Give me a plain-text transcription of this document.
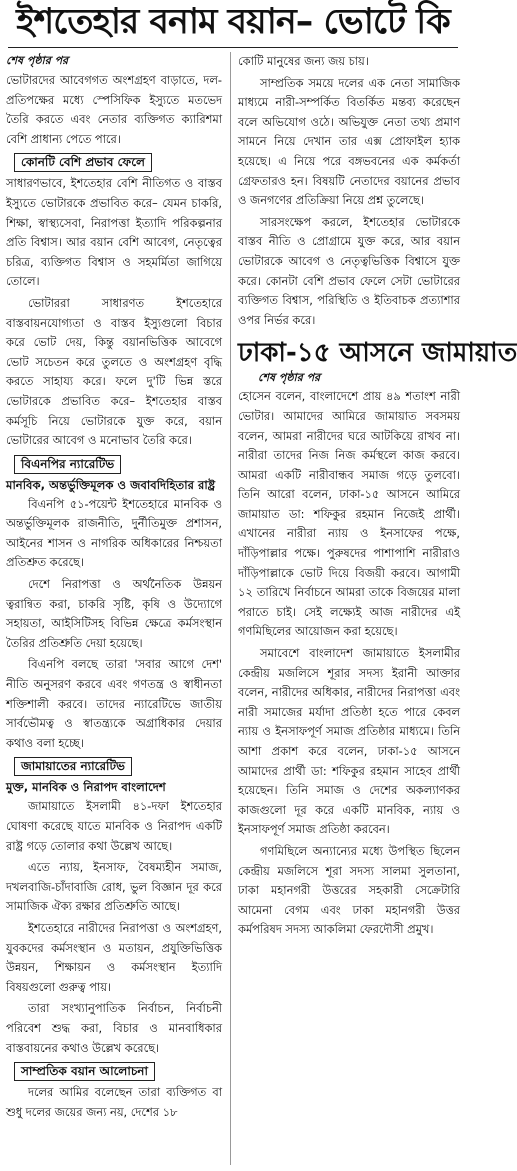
ইশতেহার বনাম বয়ান– ভোটে কি

শেষ পৃষ্ঠার পর

ভোটারদের আবেগগত অংশগ্রহণ বাড়াতে, দল-প্রতিপক্ষের মধ্যে স্পেসিফিক ইস্যুতে মতভেদ তৈরি করতে এবং নেতার ব্যক্তিগত ক্যারিশমা বেশি প্রাধান্য পেতে পারে।

কোনটি বেশি প্রভাব ফেলে

সাধারণভাবে, ইশতেহার বেশি নীতিগত ও বাস্তব ইস্যুতে ভোটারকে প্রভাবিত করে– যেমন চাকরি, শিক্ষা, স্বাস্থ্যসেবা, নিরাপত্তা ইত্যাদি পরিকল্পনার প্রতি বিশ্বাস। আর বয়ান বেশি আবেগ, নেতৃত্বের চরিত্র, ব্যক্তিগত বিশ্বাস ও সহমর্মিতা জাগিয়ে তোলে।

ভোটাররা সাধারণত ইশতেহারে বাস্তবায়নযোগ্যতা ও বাস্তব ইস্যুগুলো বিচার করে ভোট দেয়, কিন্তু বয়ানভিত্তিক আবেগে ভোট সচেতন করে তুলতে ও অংশগ্রহণ বৃদ্ধি করতে সাহায্য করে। ফলে দু'টি ভিন্ন স্তরে ভোটারকে প্রভাবিত করে– ইশতেহার বাস্তব কর্মসূচি নিয়ে ভোটারকে যুক্ত করে, বয়ান ভোটারের আবেগ ও মনোভাব তৈরি করে।

বিএনপির ন্যারেটিভ

মানবিক, অন্তর্ভুক্তিমূলক ও জবাবদিহিতার রাষ্ট্র

বিএনপি ৫১-পয়েন্ট ইশতেহারে মানবিক ও অন্তর্ভুক্তিমূলক রাজনীতি, দুর্নীতিমুক্ত প্রশাসন, আইনের শাসন ও নাগরিক অধিকারের নিশ্চয়তা প্রতিশ্রুত করেছে।

দেশে নিরাপত্তা ও অর্থনৈতিক উন্নয়ন ত্বরান্বিত করা, চাকরি সৃষ্টি, কৃষি ও উদ্যোগে সহায়তা, আইসিটিসহ বিভিন্ন ক্ষেত্রে কর্মসংস্থান তৈরির প্রতিশ্রুতি দেয়া হয়েছে।

বিএনপি বলছে তারা 'সবার আগে দেশ' নীতি অনুসরণ করবে এবং গণতন্ত্র ও স্বাধীনতা শক্তিশালী করবে। তাদের ন্যারেটিভে জাতীয় সার্বভৌমত্ব ও স্বাতন্ত্র্যকে অগ্রাধিকার দেয়ার কথাও বলা হচ্ছে।

জামায়াতের ন্যারেটিভ

মুক্ত, মানবিক ও নিরাপদ বাংলাদেশ

জামায়াতে ইসলামী ৪১-দফা ইশতেহার ঘোষণা করেছে যাতে মানবিক ও নিরাপদ একটি রাষ্ট্র গড়ে তোলার কথা উল্লেখ আছে।

এতে ন্যায়, ইনসাফ, বৈষম্যহীন সমাজ, দখলবাজি-চাঁদাবাজি রোধ, ভুল বিজ্ঞান দূর করে সামাজিক ঐক্য রক্ষার প্রতিশ্রুতি আছে।

ইশতেহারে নারীদের নিরাপত্তা ও অংশগ্রহণ, যুবকদের কর্মসংস্থান ও মতায়ন, প্রযুক্তিভিত্তিক উন্নয়ন, শিক্ষায়ন ও কর্মসংস্থান ইত্যাদি বিষয়গুলো গুরুত্ব পায়।

তারা সংখ্যানুপাতিক নির্বাচন, নির্বাচনী পরিবেশ শুদ্ধ করা, বিচার ও মানবাধিকার বাস্তবায়নের কথাও উল্লেখ করেছে।

সাম্প্রতিক বয়ান আলোচনা

দলের আমির বলেছেন তারা ব্যক্তিগত বা শুধু দলের জয়ের জন্য নয়, দেশের ১৮

কোটি মানুষের জন্য জয় চায়।

সাম্প্রতিক সময়ে দলের এক নেতা সামাজিক মাধ্যমে নারী-সম্পর্কিত বিতর্কিত মন্তব্য করেছেন বলে অভিযোগ ওঠে। অভিযুক্ত নেতা তথ্য প্রমাণ সামনে নিয়ে দেখান তার এক্স প্রোফাইল হ্যাক হয়েছে। এ নিয়ে পরে বঙ্গভবনের এক কর্মকর্তা গ্রেফতারও হন। বিষয়টি নেতাদের বয়ানের প্রভাব ও জনগণের প্রতিক্রিয়া নিয়ে প্রশ্ন তুলেছে।

সারসংক্ষেপ করলে, ইশতেহার ভোটারকে বাস্তব নীতি ও প্রোগ্রামে যুক্ত করে, আর বয়ান ভোটারকে আবেগ ও নেতৃত্বভিত্তিক বিশ্বাসে যুক্ত করে। কোনটা বেশি প্রভাব ফেলে সেটা ভোটারের ব্যক্তিগত বিশ্বাস, পরিস্থিতি ও ইতিবাচক প্রত্যাশার ওপর নির্ভর করে।

ঢাকা-১৫ আসনে জামায়াত

শেষ পৃষ্ঠার পর

হোসেন বলেন, বাংলাদেশে প্রায় ৪৯ শতাংশ নারী ভোটার। আমাদের আমিরে জামায়াত সবসময় বলেন, আমরা নারীদের ঘরে আটকিয়ে রাখব না। নারীরা তাদের নিজ নিজ কর্মস্থলে কাজ করবে। আমরা একটি নারীবান্ধব সমাজ গড়ে তুলবো। তিনি আরো বলেন, ঢাকা-১৫ আসনে আমিরে জামায়াত ডা: শফিকুর রহমান নিজেই প্রার্থী। এখানের নারীরা ন্যায় ও ইনসাফের পক্ষে, দাঁড়িপাল্লার পক্ষে। পুরুষদের পাশাপাশি নারীরাও দাঁড়িপাল্লাকে ভোট দিয়ে বিজয়ী করবে। আগামী ১২ তারিখে নির্বাচনে আমরা তাকে বিজয়ের মালা পরাতে চাই। সেই লক্ষ্যেই আজ নারীদের এই গণমিছিলের আয়োজন করা হয়েছে।

সমাবেশে বাংলাদেশ জামায়াতে ইসলামীর কেন্দ্রীয় মজলিসে শূরার সদস্য ইরানী আক্তার বলেন, নারীদের অধিকার, নারীদের নিরাপত্তা এবং নারী সমাজের মর্যাদা প্রতিষ্ঠা হতে পারে কেবল ন্যায় ও ইনসাফপূর্ণ সমাজ প্রতিষ্ঠার মাধ্যমে। তিনি আশা প্রকাশ করে বলেন, ঢাকা-১৫ আসনে আমাদের প্রার্থী ডা: শফিকুর রহমান সাহেব প্রার্থী হয়েছেন। তিনি সমাজ ও দেশের অকল্যাণকর কাজগুলো দূর করে একটি মানবিক, ন্যায় ও ইনসাফপূর্ণ সমাজ প্রতিষ্ঠা করবেন।

গণমিছিলে অন্যান্যের মধ্যে উপস্থিত ছিলেন কেন্দ্রীয় মজলিসে শূরা সদস্য সালমা সুলতানা, ঢাকা মহানগরী উত্তরের সহকারী সেক্রেটারি আমেনা বেগম এবং ঢাকা মহানগরী উত্তর কর্মপরিষদ সদস্য আকলিমা ফেরদৌসী প্রমুখ।
